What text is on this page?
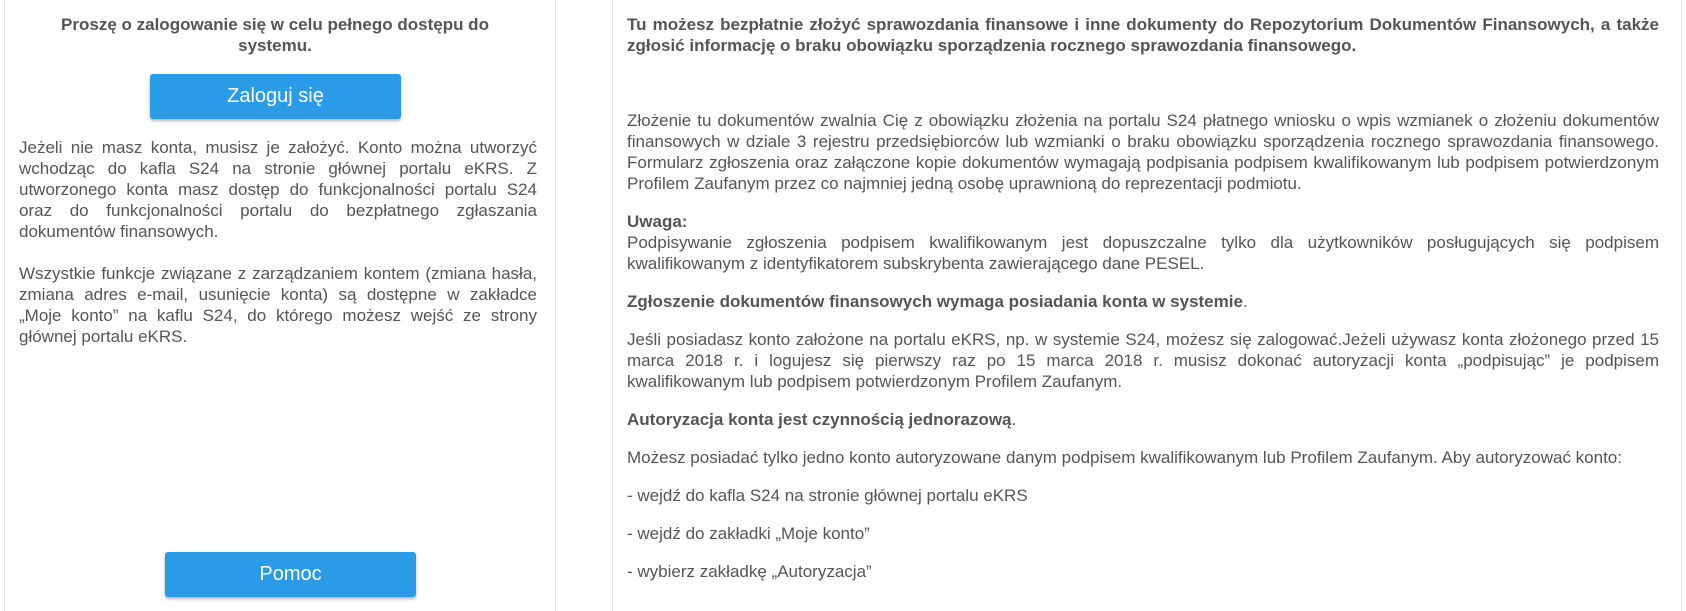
Proszę o zalogowanie się w celu pełnego dostępu do systemu.
Zaloguj się

Jeżeli nie masz konta, musisz je założyć. Konto można utworzyć wchodząc do kafla S24 na stronie głównej portalu eKRS. Z utworzonego konta masz dostęp do funkcjonalności portalu S24 oraz do funkcjonalności portalu do bezpłatnego zgłaszania dokumentów finansowych.

Wszystkie funkcje związane z zarządzaniem kontem (zmiana hasła, zmiana adres e-mail, usunięcie konta) są dostępne w zakładce „Moje konto” na kaflu S24, do którego możesz wejść ze strony głównej portalu eKRS.

Pomoc

Tu możesz bezpłatnie złożyć sprawozdania finansowe i inne dokumenty do Repozytorium Dokumentów Finansowych, a także zgłosić informację o braku obowiązku sporządzenia rocznego sprawozdania finansowego.

Złożenie tu dokumentów zwalnia Cię z obowiązku złożenia na portalu S24 płatnego wniosku o wpis wzmianek o złożeniu dokumentów finansowych w dziale 3 rejestru przedsiębiorców lub wzmianki o braku obowiązku sporządzenia rocznego sprawozdania finansowego. Formularz zgłoszenia oraz załączone kopie dokumentów wymagają podpisania podpisem kwalifikowanym lub podpisem potwierdzonym Profilem Zaufanym przez co najmniej jedną osobę uprawnioną do reprezentacji podmiotu.

Uwaga:
Podpisywanie zgłoszenia podpisem kwalifikowanym jest dopuszczalne tylko dla użytkowników posługujących się podpisem kwalifikowanym z identyfikatorem subskrybenta zawierającego dane PESEL.

Zgłoszenie dokumentów finansowych wymaga posiadania konta w systemie.

Jeśli posiadasz konto założone na portalu eKRS, np. w systemie S24, możesz się zalogować.Jeżeli używasz konta złożonego przed 15 marca 2018 r. i logujesz się pierwszy raz po 15 marca 2018 r. musisz dokonać autoryzacji konta „podpisując” je podpisem kwalifikowanym lub podpisem potwierdzonym Profilem Zaufanym.

Autoryzacja konta jest czynnością jednorazową.

Możesz posiadać tylko jedno konto autoryzowane danym podpisem kwalifikowanym lub Profilem Zaufanym. Aby autoryzować konto:

- wejdź do kafla S24 na stronie głównej portalu eKRS

- wejdź do zakładki „Moje konto”

- wybierz zakładkę „Autoryzacja”
